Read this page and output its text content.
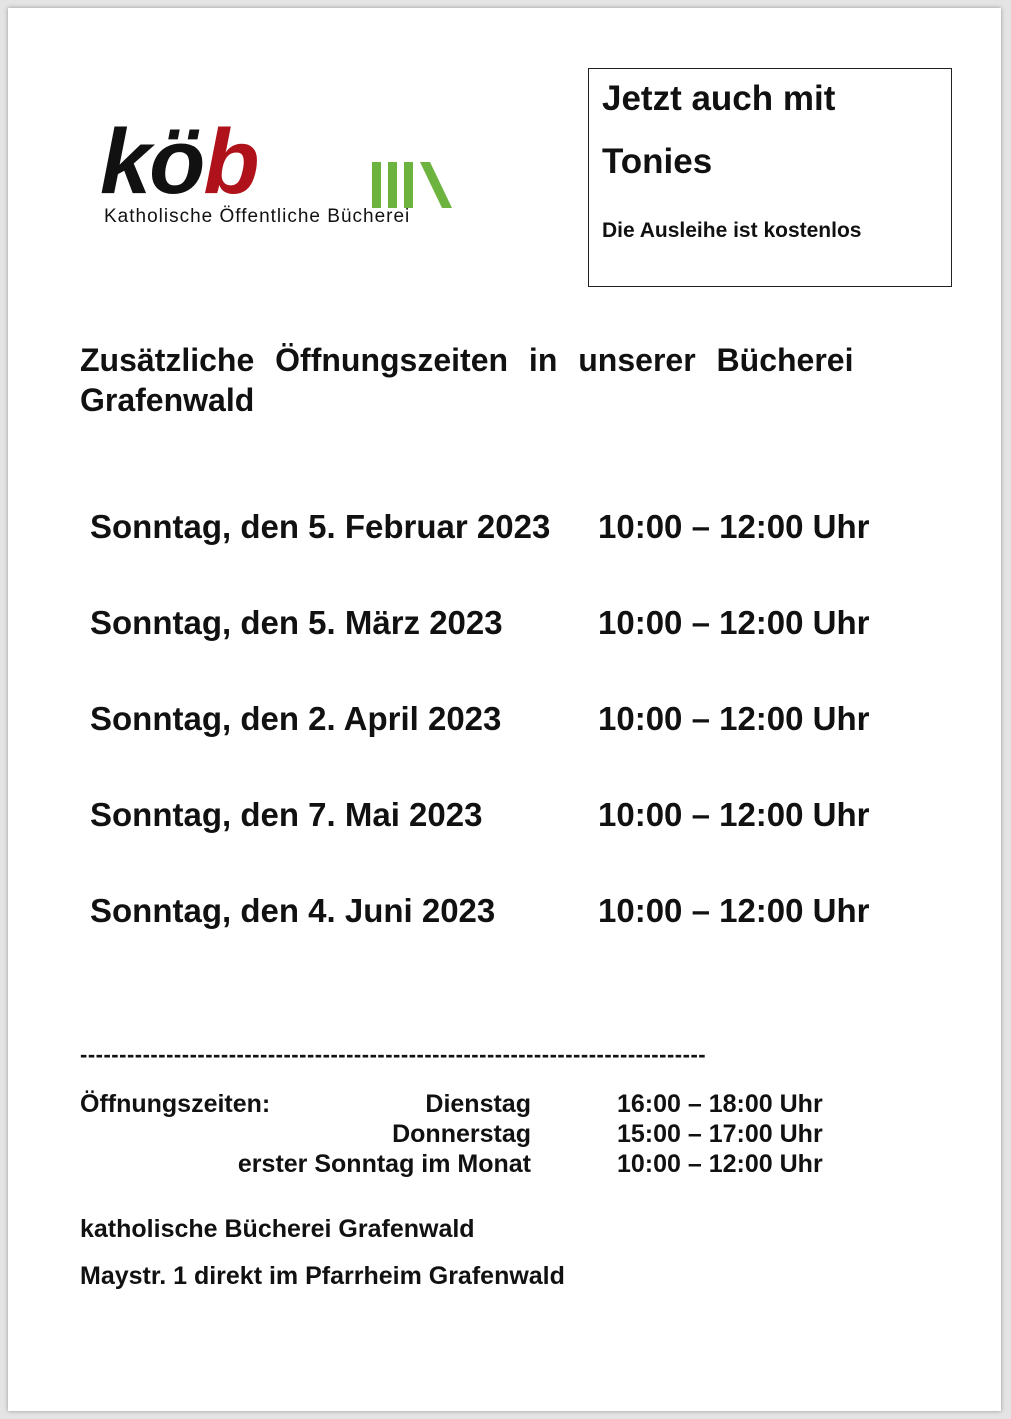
köb
Katholische Öffentliche Bücherei
Jetzt auch mit
Tonies
Die Ausleihe ist kostenlos
Zusätzliche Öffnungszeiten in unserer Bücherei Grafenwald
Sonntag, den 5. Februar 2023 10:00 – 12:00 Uhr
Sonntag, den 5. März 2023	10:00 – 12:00 Uhr
Sonntag, den 2. April 2023	10:00 – 12:00 Uhr
Sonntag, den 7. Mai 2023	10:00 – 12:00 Uhr
Sonntag, den 4. Juni 2023	10:00 – 12:00 Uhr
--------------------------------------------------------------------------------
Öffnungszeiten:	Dienstag	16:00 – 18:00 Uhr
Donnerstag	15:00 – 17:00 Uhr
erster Sonntag im Monat	10:00 – 12:00 Uhr
katholische Bücherei Grafenwald
Maystr. 1 direkt im Pfarrheim Grafenwald
